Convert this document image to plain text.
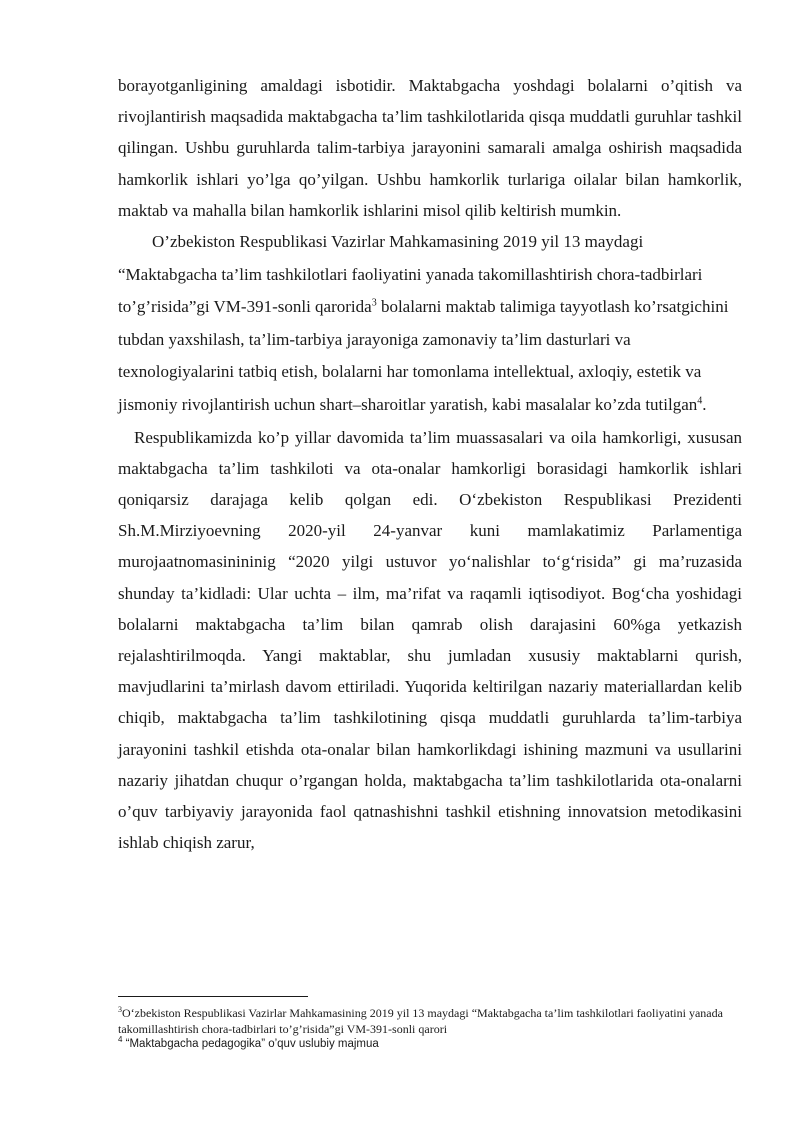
borayotganligining amaldagi isbotidir. Maktabgacha yoshdagi bolalarni o’qitish va rivojlantirish maqsadida maktabgacha ta’lim tashkilotlarida qisqa muddatli guruhlar tashkil qilingan. Ushbu guruhlarda talim-tarbiya jarayonini samarali amalga oshirish maqsadida hamkorlik ishlari yo’lga qo’yilgan. Ushbu hamkorlik turlariga oilalar bilan hamkorlik, maktab va mahalla bilan hamkorlik ishlarini misol qilib keltirish mumkin.

O’zbekiston Respublikasi Vazirlar Mahkamasining 2019 yil 13 maydagi “Maktabgacha ta’lim tashkilotlari faoliyatini yanada takomillashtirish chora-tadbirlari to’g’risida”gi VM-391-sonli qarorida$^3$ bolalarni maktab talimiga tayyotlash ko’rsatgichini tubdan yaxshilash, ta’lim-tarbiya jarayoniga zamonaviy ta’lim dasturlari va texnologiyalarini tatbiq etish, bolalarni har tomonlama intellektual, axloqiy, estetik va jismoniy rivojlantirish uchun shart–sharoitlar yaratish, kabi masalalar ko’zda tutilgan$^4$.

Respublikamizda ko’p yillar davomida ta’lim muassasalari va oila hamkorligi, xususan maktabgacha ta’lim tashkiloti va ota-onalar hamkorligi borasidagi hamkorlik ishlari qoniqarsiz darajaga kelib qolgan edi. O‘zbekiston Respublikasi Prezidenti Sh.M.Mirziyoevning 2020-yil 24-yanvar kuni mamlakatimiz Parlamentiga murojaatnomasinininig “2020 yilgi ustuvor yo‘nalishlar to‘g‘risida” gi ma’ruzasida shunday ta’kidladi: Ular uchta – ilm, ma’rifat va raqamli iqtisodiyot. Bog‘cha yoshidagi bolalarni maktabgacha ta’lim bilan qamrab olish darajasini 60%ga yetkazish rejalashtirilmoqda. Yangi maktablar, shu jumladan xususiy maktablarni qurish, mavjudlarini ta’mirlash davom ettiriladi. Yuqorida keltirilgan nazariy materiallardan kelib chiqib, maktabgacha ta’lim tashkilotining qisqa muddatli guruhlarda ta’lim-tarbiya jarayonini tashkil etishda ota-onalar bilan hamkorlikdagi ishining mazmuni va usullarini nazariy jihatdan chuqur o’rgangan holda, maktabgacha ta’lim tashkilotlarida ota-onalarni o’quv tarbiyaviy jarayonida faol qatnashishni tashkil etishning innovatsion metodikasini ishlab chiqish zarur,

$^3$O‘zbekiston Respublikasi Vazirlar Mahkamasining 2019 yil 13 maydagi “Maktabgacha ta’lim tashkilotlari faoliyatini yanada takomillashtirish chora-tadbirlari to’g’risida”gi VM-391-sonli qarori

$^4$ “Maktabgacha pedagogika” o’quv uslubiy majmua
